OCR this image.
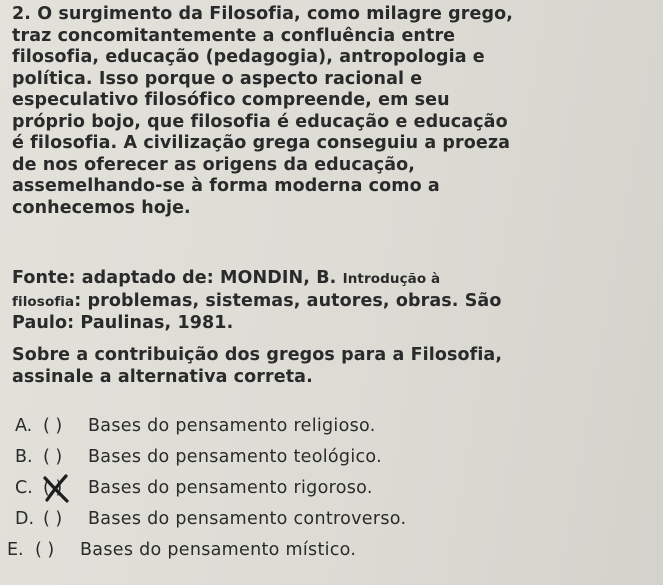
2. O surgimento da Filosofia, como milagre grego,
traz concomitantemente a confluência entre
filosofia, educação (pedagogia), antropologia e
política. Isso porque o aspecto racional e
especulativo filosófico compreende, em seu
próprio bojo, que filosofia é educação e educação
é filosofia. A civilização grega conseguiu a proeza
de nos oferecer as origens da educação,
assemelhando-se à forma moderna como a
conhecemos hoje.
Fonte: adaptado de: MONDIN, B. Introdução à
filosofia: problemas, sistemas, autores, obras. São
Paulo: Paulinas, 1981.
Sobre a contribuição dos gregos para a Filosofia,
assinale a alternativa correta.
A. ( )	Bases do pensamento religioso.
B. ( )	Bases do pensamento teológico.
C. ( )	Bases do pensamento rigoroso.
D. ( )	Bases do pensamento controverso.
E. ( )	Bases do pensamento místico.
